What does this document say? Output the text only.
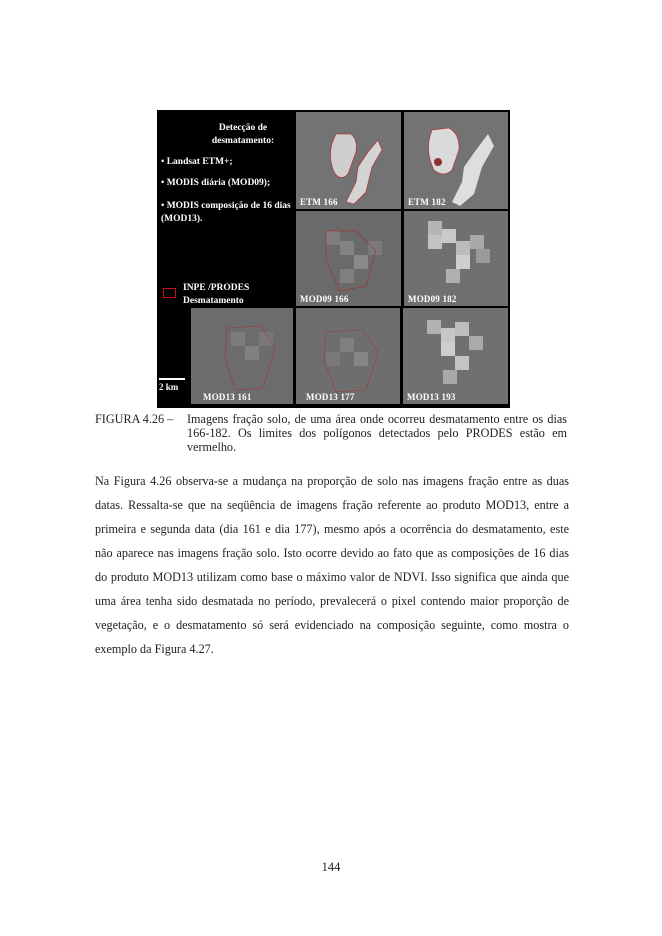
Detecção de desmatamento:
• Landsat ETM+;
• MODIS diária (MOD09);
• MODIS composição de 16 dias (MOD13).
INPE /PRODES Desmatamento
ETM 166	ETM 182
MOD09 166	MOD09 182
MOD13 161	MOD13 177	MOD13 193
2 km
FIGURA 4.26 – Imagens fração solo, de uma área onde ocorreu desmatamento entre os dias 166-182. Os limites dos polígonos detectados pelo PRODES estão em vermelho.
Na Figura 4.26 observa-se a mudança na proporção de solo nas imagens fração entre as duas datas. Ressalta-se que na seqüência de imagens fração referente ao produto MOD13, entre a primeira e segunda data (dia 161 e dia 177), mesmo após a ocorrência do desmatamento, este não aparece nas imagens fração solo. Isto ocorre devido ao fato que as composições de 16 dias do produto MOD13 utilizam como base o máximo valor de NDVI. Isso significa que ainda que uma área tenha sido desmatada no período, prevalecerá o pixel contendo maior proporção de vegetação, e o desmatamento só será evidenciado na composição seguinte, como mostra o exemplo da Figura 4.27.
144
